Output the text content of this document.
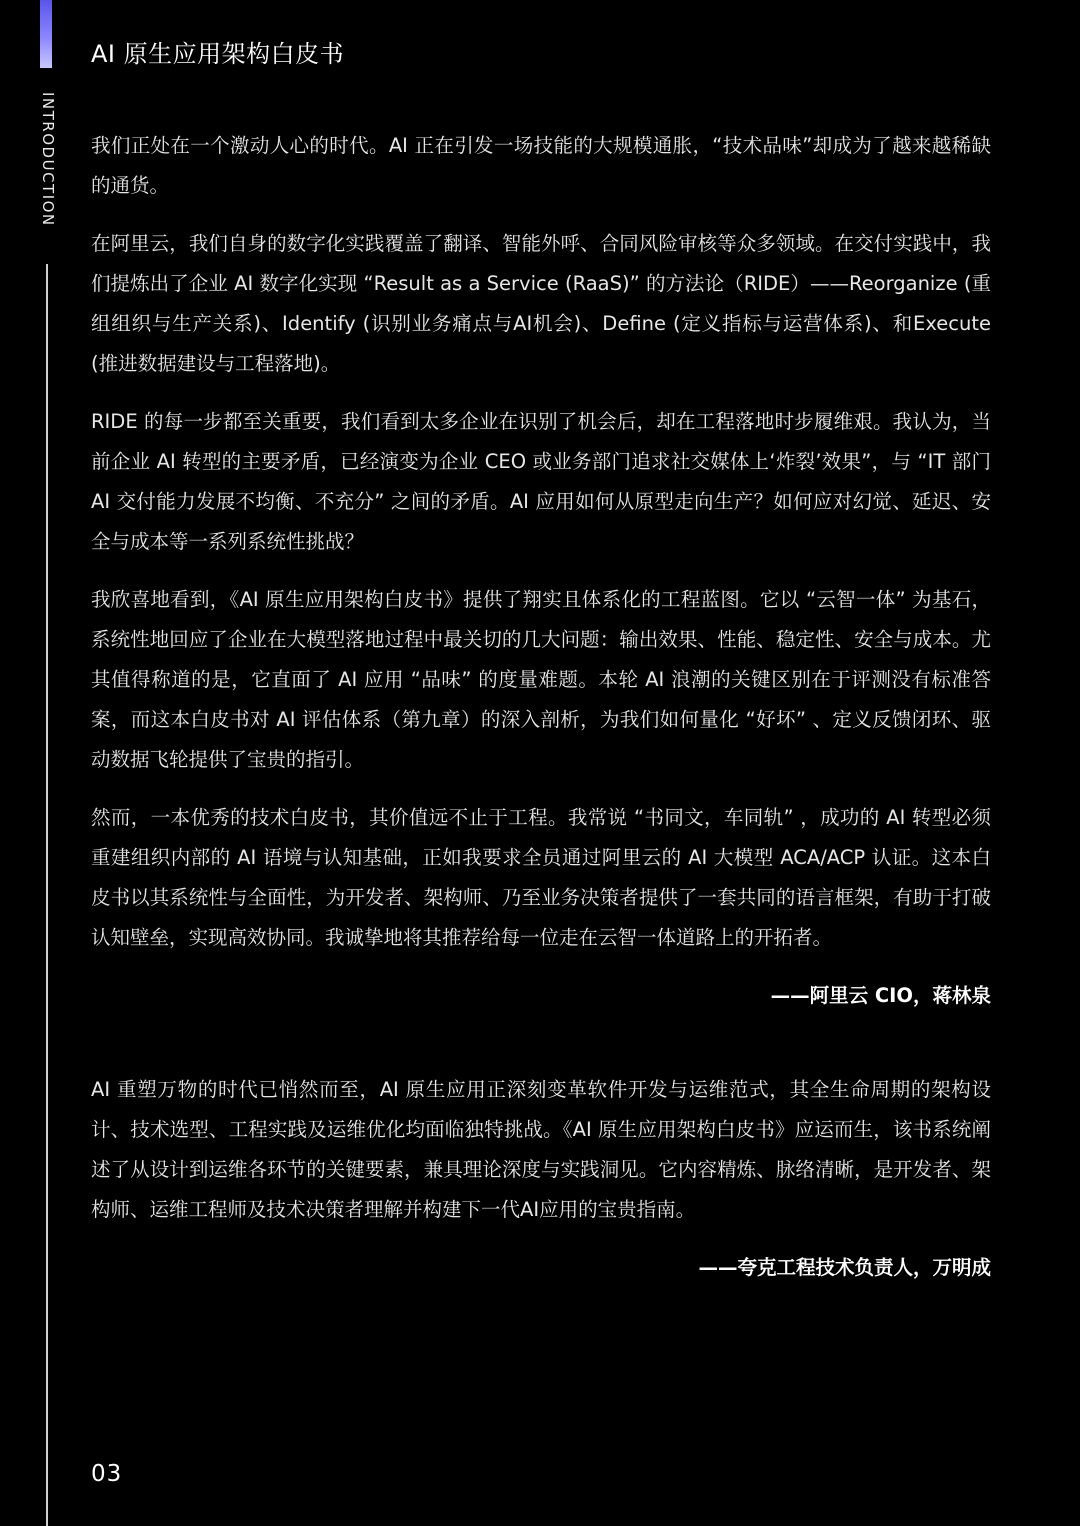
AI 原生应用架构白皮书
INTRODUCTION	我们正处在一个激动人心的时代。AI 正在引发一场技能的大规模通胀，“技术品味”却成为了越来越稀缺的通货。

在阿里云，我们自身的数字化实践覆盖了翻译、智能外呼、合同风险审核等众多领域。在交付实践中，我们提炼出了企业 AI 数字化实现 “Result as a Service (RaaS)” 的方法论（RIDE）——Reorganize (重组组织与生产关系)、Identify (识别业务痛点与AI机会)、Define (定义指标与运营体系)、和Execute (推进数据建设与工程落地)。

RIDE 的每一步都至关重要，我们看到太多企业在识别了机会后，却在工程落地时步履维艰。我认为，当前企业 AI 转型的主要矛盾，已经演变为企业 CEO 或业务部门追求社交媒体上‘炸裂’效果”，与 “IT 部门 AI 交付能力发展不均衡、不充分” 之间的矛盾。AI 应用如何从原型走向生产？如何应对幻觉、延迟、安全与成本等一系列系统性挑战？

我欣喜地看到，《AI 原生应用架构白皮书》提供了翔实且体系化的工程蓝图。它以 “云智一体” 为基石，系统性地回应了企业在大模型落地过程中最关切的几大问题：输出效果、性能、稳定性、安全与成本。尤其值得称道的是，它直面了 AI 应用 “品味” 的度量难题。本轮 AI 浪潮的关键区别在于评测没有标准答案，而这本白皮书对 AI 评估体系（第九章）的深入剖析，为我们如何量化 “好坏” 、定义反馈闭环、驱动数据飞轮提供了宝贵的指引。

然而，一本优秀的技术白皮书，其价值远不止于工程。我常说 “书同文，车同轨” ，成功的 AI 转型必须重建组织内部的 AI 语境与认知基础，正如我要求全员通过阿里云的 AI 大模型 ACA/ACP 认证。这本白皮书以其系统性与全面性，为开发者、架构师、乃至业务决策者提供了一套共同的语言框架，有助于打破认知壁垒，实现高效协同。我诚挚地将其推荐给每一位走在云智一体道路上的开拓者。

——阿里云 CIO，蒋林泉

AI 重塑万物的时代已悄然而至，AI 原生应用正深刻变革软件开发与运维范式，其全生命周期的架构设计、技术选型、工程实践及运维优化均面临独特挑战。《AI 原生应用架构白皮书》应运而生，该书系统阐述了从设计到运维各环节的关键要素，兼具理论深度与实践洞见。它内容精炼、脉络清晰，是开发者、架构师、运维工程师及技术决策者理解并构建下一代AI应用的宝贵指南。

——夸克工程技术负责人，万明成

03
